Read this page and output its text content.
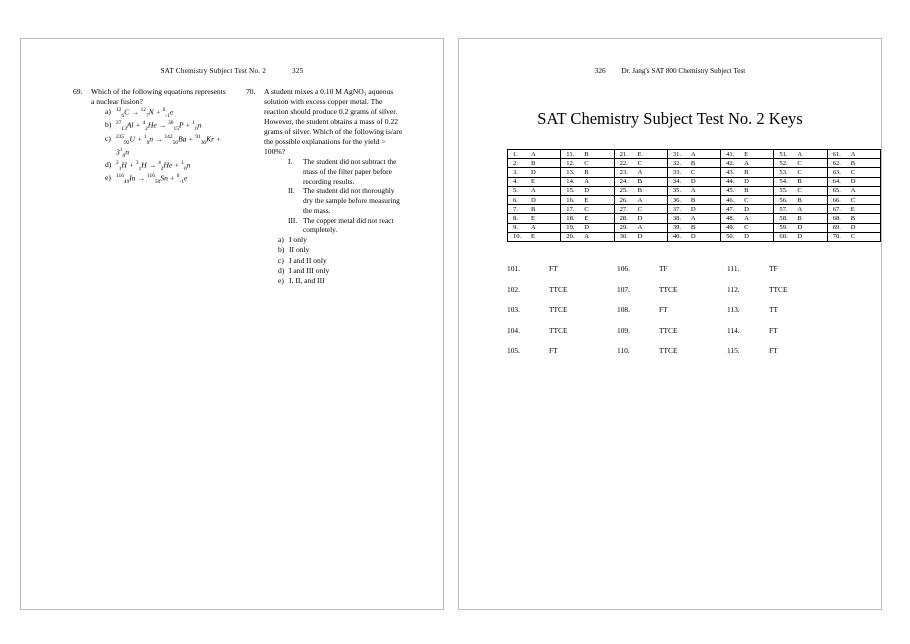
SAT Chemistry Subject Test No. 2	325
69.	Which of the following equations represents a nuclear fusion?
a) $^{12}_6$C → $^{12}_7$N + $^0_{-1}$e
b) $^{27}_{13}$Al + $^4_2$He → $^{30}_{15}$P + $^1_0$n
c) $^{235}_{92}U + ^1_0n \to ^{142}_{56}Ba + ^{91}_{36}Kr + 3^1_0n$
d) $^2_1$H + $^3_1$H → $^4_2$He + $^1_0$n
e) $^{116}_{49}$In → $^{116}_{50}$Sn + $^0_{-1}$e
70.	A student mixes a 0.10 M AgNO₃ aqueous solution with excess copper metal. The reaction should produce 0.2 grams of silver. However, the student obtains a mass of 0.22 grams of silver. Which of the following is/are the possible explanations for the yield > 100%?
I.	The student did not subtract the mass of the filter paper before recording results.
II.	The student did not thoroughly dry the sample before measuring the mass.
III. The copper metal did not react completely.
a) I only
b) II only
c) I and II only
d) I and III only
e) I, II, and III
326 Dr. Jang's SAT 800 Chemistry Subject Test
SAT Chemistry Subject Test No. 2 Keys
1. A	11. B	21. E	31. A	41. E	51. A	61. A

2. B	12. C	22. C	32. B	42. A	52. C	62. B

3. D	13. B	23. A	33. C	43. B	53. C	63. C

4. E	14. A	24. B	34. D	44. D	54. B	64. D

5. A	15. D	25. B	35. A	45. B	55. C	65. A

6. D	16. E	26. A	36. B	46. C	56. B	66. C

7. B	17. C	27. C	37. D	47. D	57. A	67. E

8. E	18. E	28. D	38. A	48. A	58. B	68. B

9. A	19. D	29. A	39. B	49. C	59. D	69. D

10. E	20. A	30. D	40. D	50. D	60. D	70. C
101.	FT	106.	TF	111.	TF
102.	TTCE	107.	TTCE	112.	TTCE
103.	TTCE	108.	FT	113.	TT
104.	TTCE	109.	TTCE	114.	FT
105.	FT	110.	TTCE	115.	FT
